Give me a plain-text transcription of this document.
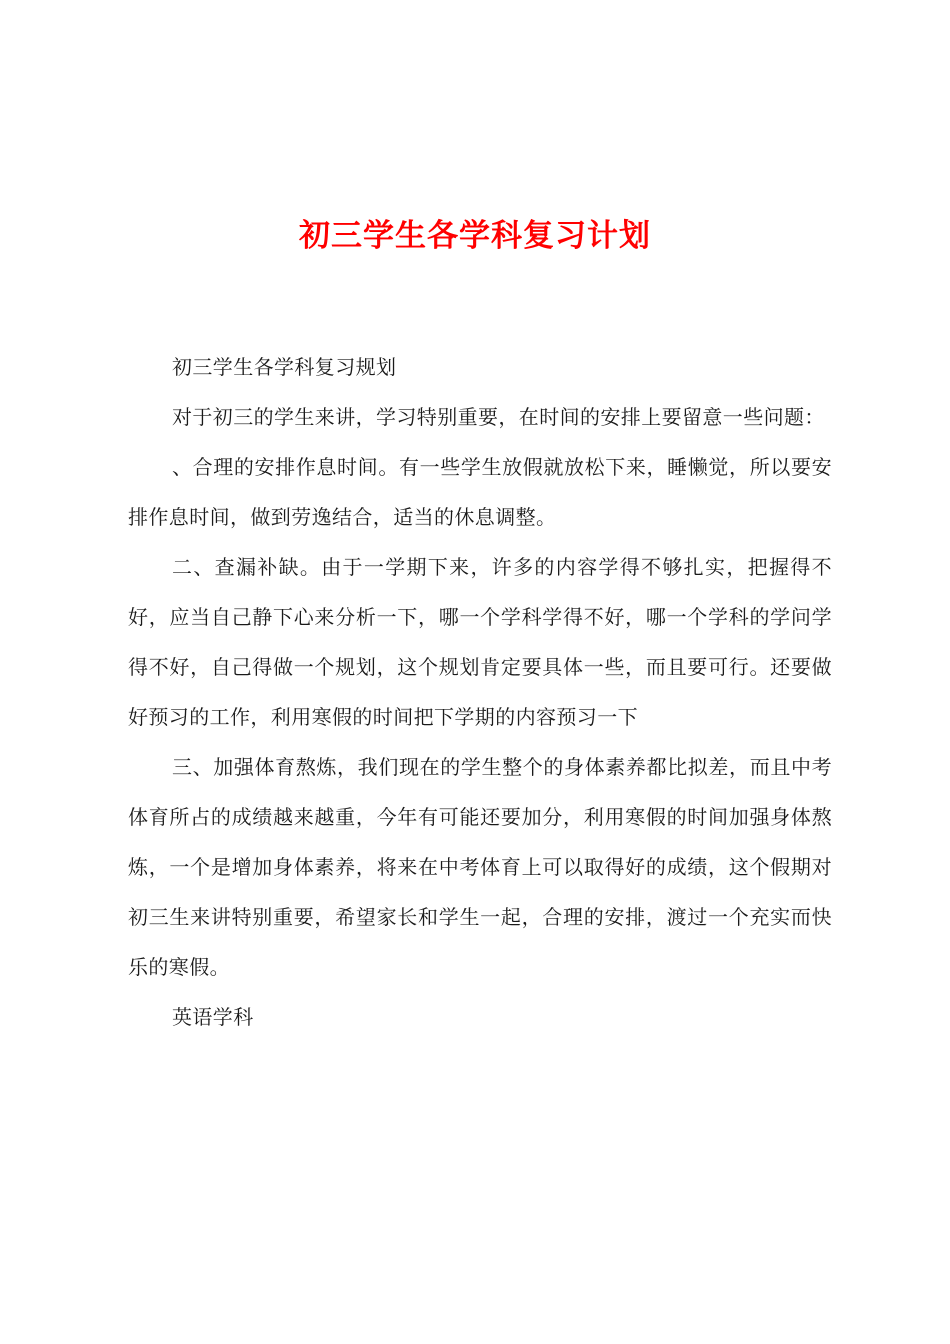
初三学生各学科复习计划

初三学生各学科复习规划

对于初三的学生来讲，学习特别重要，在时间的安排上要留意一些问题：

、合理的安排作息时间。有一些学生放假就放松下来，睡懒觉，所以要安排作息时间，做到劳逸结合，适当的休息调整。

二、查漏补缺。由于一学期下来，许多的内容学得不够扎实，把握得不好，应当自己静下心来分析一下，哪一个学科学得不好，哪一个学科的学问学得不好，自己得做一个规划，这个规划肯定要具体一些，而且要可行。还要做好预习的工作，利用寒假的时间把下学期的内容预习一下

三、加强体育熬炼，我们现在的学生整个的身体素养都比拟差，而且中考体育所占的成绩越来越重，今年有可能还要加分，利用寒假的时间加强身体熬炼，一个是增加身体素养，将来在中考体育上可以取得好的成绩，这个假期对初三生来讲特别重要，希望家长和学生一起，合理的安排，渡过一个充实而快乐的寒假。

英语学科
